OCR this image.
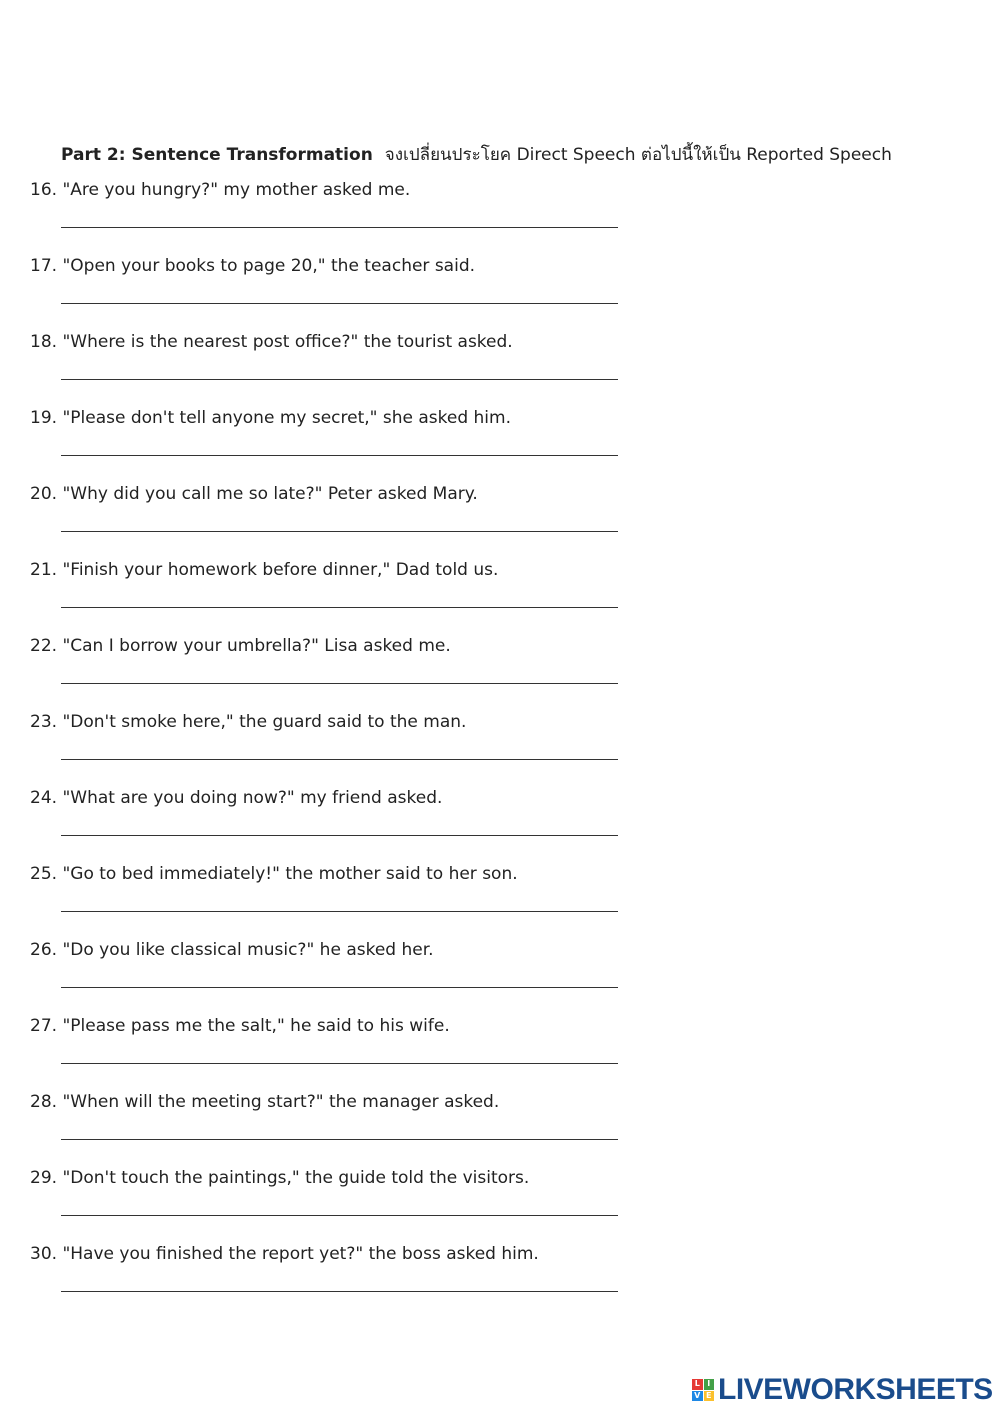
Part 2: Sentence Transformation จงเปลี่ยนประโยค Direct Speech ต่อไปนี้ให้เป็น Reported Speech
16. "Are you hungry?" my mother asked me.
17. "Open your books to page 20," the teacher said.
18. "Where is the nearest post office?" the tourist asked.
19. "Please don't tell anyone my secret," she asked him.
20. "Why did you call me so late?" Peter asked Mary.
21. "Finish your homework before dinner," Dad told us.
22. "Can I borrow your umbrella?" Lisa asked me.
23. "Don't smoke here," the guard said to the man.
24. "What are you doing now?" my friend asked.
25. "Go to bed immediately!" the mother said to her son.
26. "Do you like classical music?" he asked her.
27. "Please pass me the salt," he said to his wife.
28. "When will the meeting start?" the manager asked.
29. "Don't touch the paintings," the guide told the visitors.
30. "Have you finished the report yet?" the boss asked him.
L I
V E LIVEWORKSHEETS
